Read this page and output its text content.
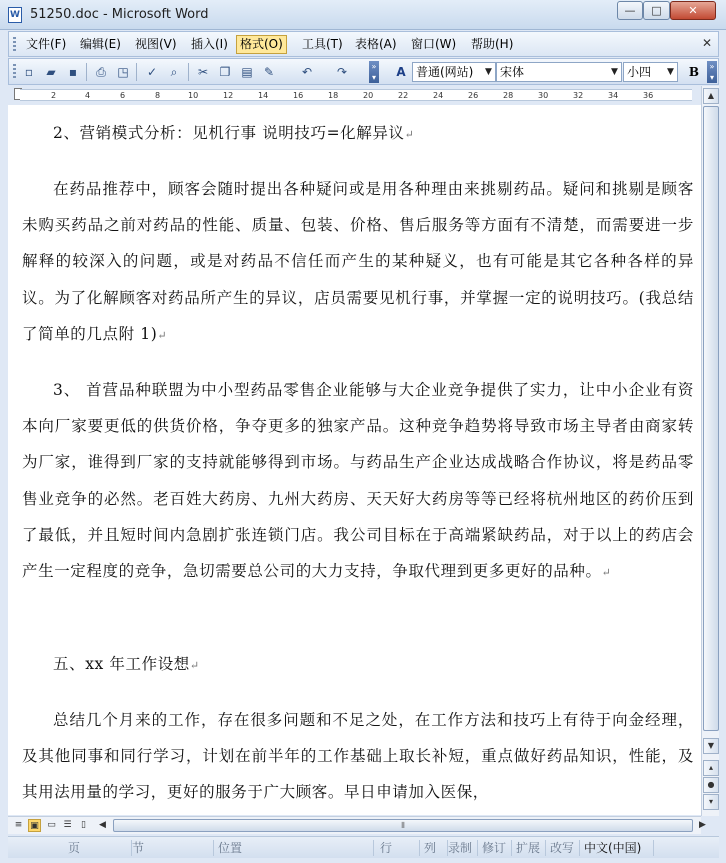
W 51250.doc - Microsoft Word	—	□	✕
文件(F) 编辑(E) 视图(V) 插入(I)	格式(O)	工具(T) 表格(A) 窗口(W) 帮助(H)	✕
▫	▰	▪	⎙ ◳ ✓	⌕	✂ ❐ ▤ ✎ ↶ ↷	»
▾ A 普通(网站)	▼ 宋体	▼ 小四	▼ B	»
▾
2	4	6	8	10	12	14	16	18	20	22	24	26	28	30	32	34	36

2、营销模式分析：见机行事 说明技巧=化解异议↵

在药品推荐中，顾客会随时提出各种疑问或是用各种理由来挑剔药品。疑问和挑剔是顾客未购买药品之前对药品的性能、质量、包装、价格、售后服务等方面有不清楚，而需要进一步解释的较深入的问题，或是对药品不信任而产生的某种疑义，也有可能是其它各种各样的异议。为了化解顾客对药品所产生的异议，店员需要见机行事，并掌握一定的说明技巧。(我总结了简单的几点附 1)↵

3、 首营品种联盟为中小型药品零售企业能够与大企业竞争提供了实力，让中小企业有资本向厂家要更低的供货价格，争夺更多的独家产品。这种竞争趋势将导致市场主导者由商家转为厂家，谁得到厂家的支持就能够得到市场。与药品生产企业达成战略合作协议，将是药品零售业竞争的必然。老百姓大药房、九州大药房、天天好大药房等等已经将杭州地区的药价压到了最低，并且短时间内急剧扩张连锁门店。我公司目标在于高端紧缺药品，对于以上的药店会产生一定程度的竞争，急切需要总公司的大力支持，争取代理到更多更好的品种。↵

五、xx 年工作设想↵

总结几个月来的工作，存在很多问题和不足之处，在工作方法和技巧上有待于向金经理，及其他同事和同行学习，计划在前半年的工作基础上取长补短，重点做好药品知识，性能，及其用法用量的学习，更好的服务于广大顾客。早日申请加入医保，

▲
▼
▴
●
▾
≡ ▣ ▭ ☰	▯	◀	⦀	▶
页	节	位置	行	列 录制 修订 扩展 改写 中文(中国)
